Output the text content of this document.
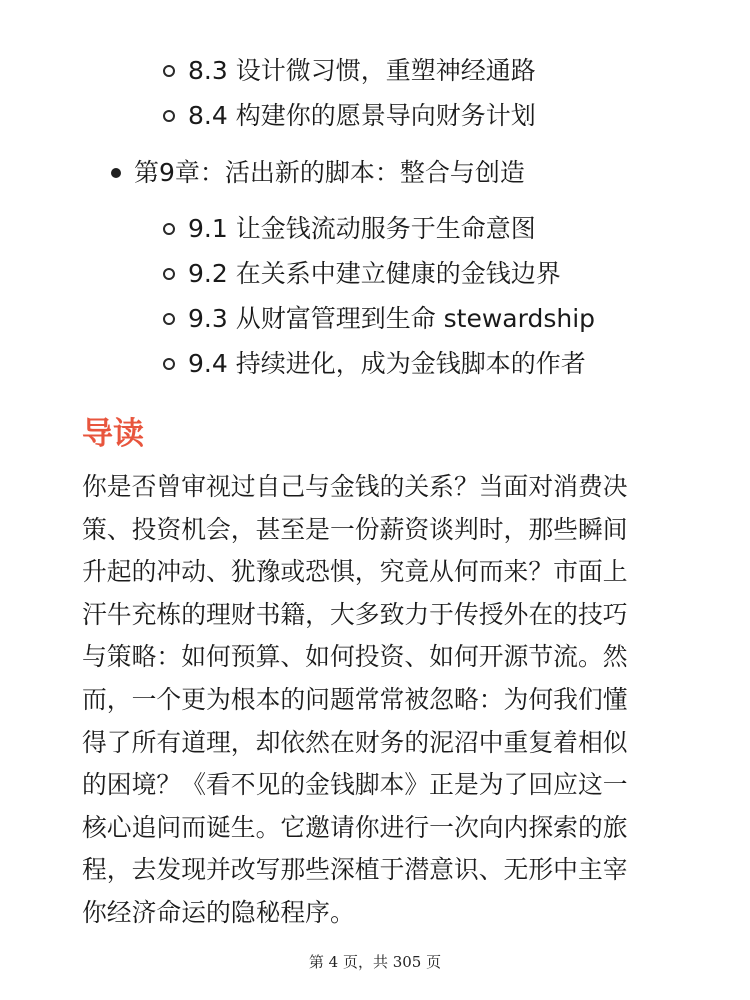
8.3 设计微习惯，重塑神经通路
8.4 构建你的愿景导向财务计划
第9章：活出新的脚本：整合与创造
9.1 让金钱流动服务于生命意图
9.2 在关系中建立健康的金钱边界
9.3 从财富管理到生命 stewardship
9.4 持续进化，成为金钱脚本的作者
导读

你是否曾审视过自己与金钱的关系？当面对消费决
策、投资机会，甚至是一份薪资谈判时，那些瞬间
升起的冲动、犹豫或恐惧，究竟从何而来？市面上
汗牛充栋的理财书籍，大多致力于传授外在的技巧
与策略：如何预算、如何投资、如何开源节流。然
而，一个更为根本的问题常常被忽略：为何我们懂
得了所有道理，却依然在财务的泥沼中重复着相似
的困境？《看不见的金钱脚本》正是为了回应这一
核心追问而诞生。它邀请你进行一次向内探索的旅
程，去发现并改写那些深植于潜意识、无形中主宰
你经济命运的隐秘程序。

第 4 页，共 305 页
